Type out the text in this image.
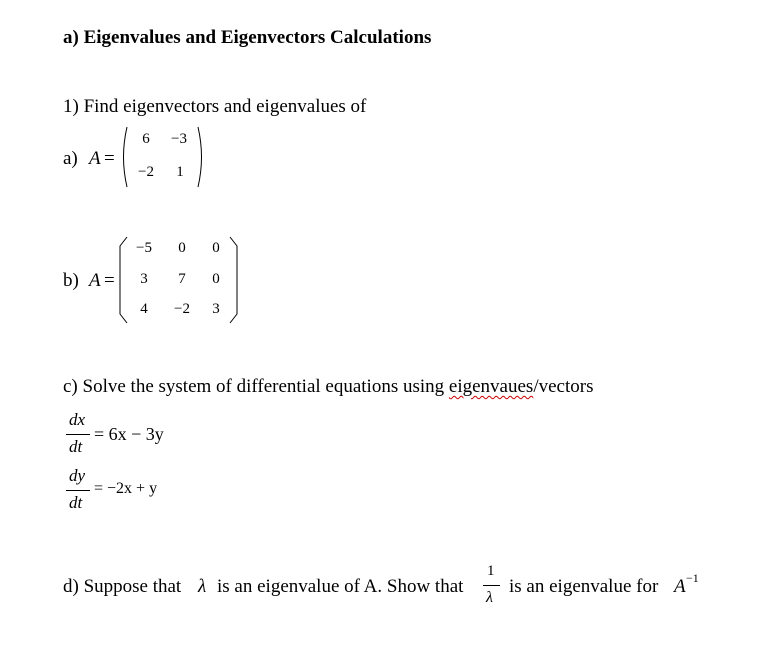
a) Eigenvalues and Eigenvectors Calculations
1) Find eigenvectors and eigenvalues of
a) A =
6	−3
−2	1
b) A =
−5	0	0
3	7	0
4	−2	3
c) Solve the system of differential equations using eigenvaues/vectors
dx
dt
= 6x − 3y
dy
dt
= −2x + y
d) Suppose that λ is an eigenvalue of A. Show that
1
λ
is an eigenvalue for A −1
